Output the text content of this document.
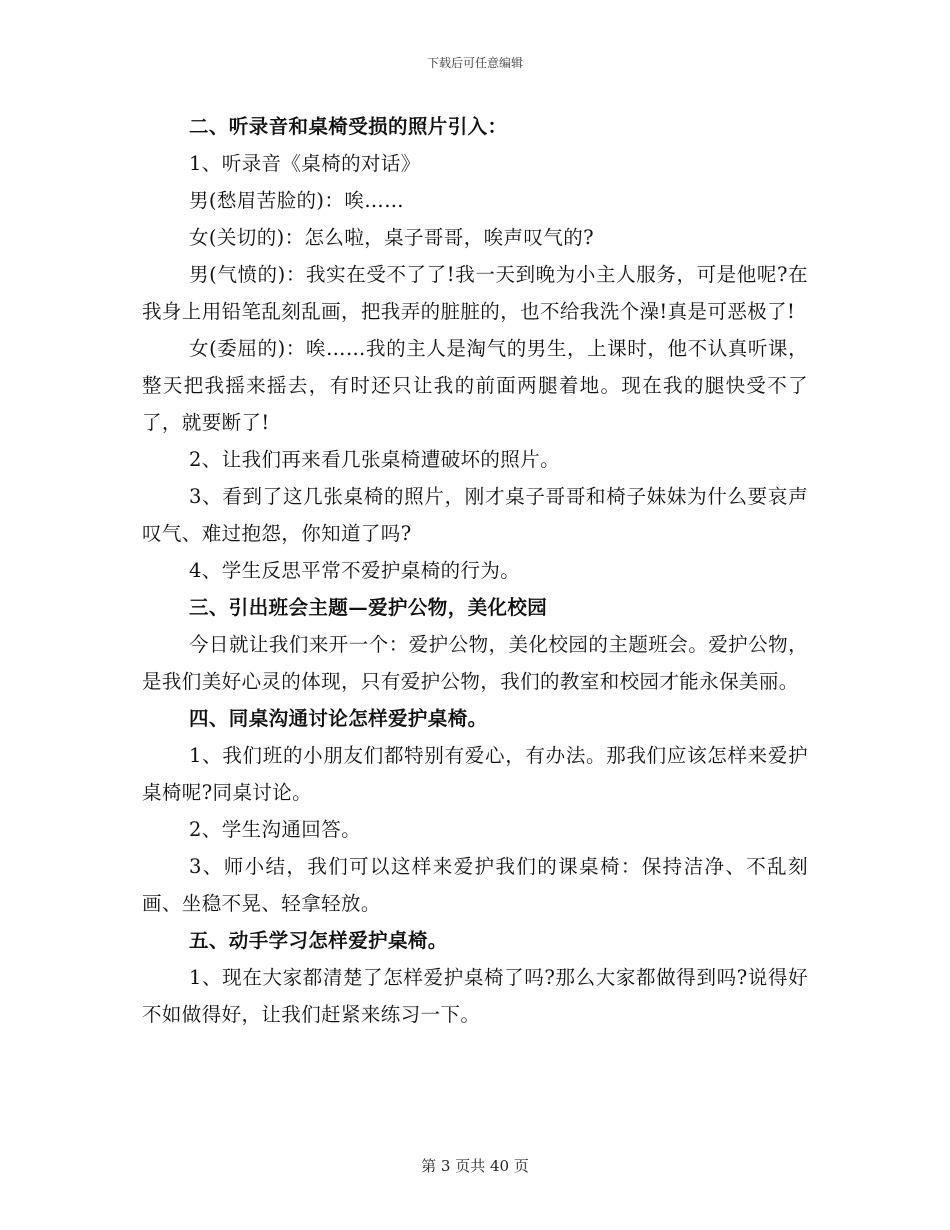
下载后可任意编辑

二、听录音和桌椅受损的照片引入：

1、听录音《桌椅的对话》

男(愁眉苦脸的)：唉……

女(关切的)：怎么啦，桌子哥哥，唉声叹气的?

男(气愤的)：我实在受不了了!我一天到晚为小主人服务，可是他呢?在我身上用铅笔乱刻乱画，把我弄的脏脏的，也不给我洗个澡!真是可恶极了!

女(委屈的)：唉……我的主人是淘气的男生，上课时，他不认真听课，整天把我摇来摇去，有时还只让我的前面两腿着地。现在我的腿快受不了了，就要断了!

2、让我们再来看几张桌椅遭破坏的照片。

3、看到了这几张桌椅的照片，刚才桌子哥哥和椅子妹妹为什么要哀声叹气、难过抱怨，你知道了吗?

4、学生反思平常不爱护桌椅的行为。

三、引出班会主题—爱护公物，美化校园

今日就让我们来开一个：爱护公物，美化校园的主题班会。爱护公物，是我们美好心灵的体现，只有爱护公物，我们的教室和校园才能永保美丽。

四、同桌沟通讨论怎样爱护桌椅。

1、我们班的小朋友们都特别有爱心，有办法。那我们应该怎样来爱护桌椅呢?同桌讨论。

2、学生沟通回答。

3、师小结，我们可以这样来爱护我们的课桌椅：保持洁净、不乱刻画、坐稳不晃、轻拿轻放。

五、动手学习怎样爱护桌椅。

1、现在大家都清楚了怎样爱护桌椅了吗?那么大家都做得到吗?说得好不如做得好，让我们赶紧来练习一下。

第 3 页共 40 页
